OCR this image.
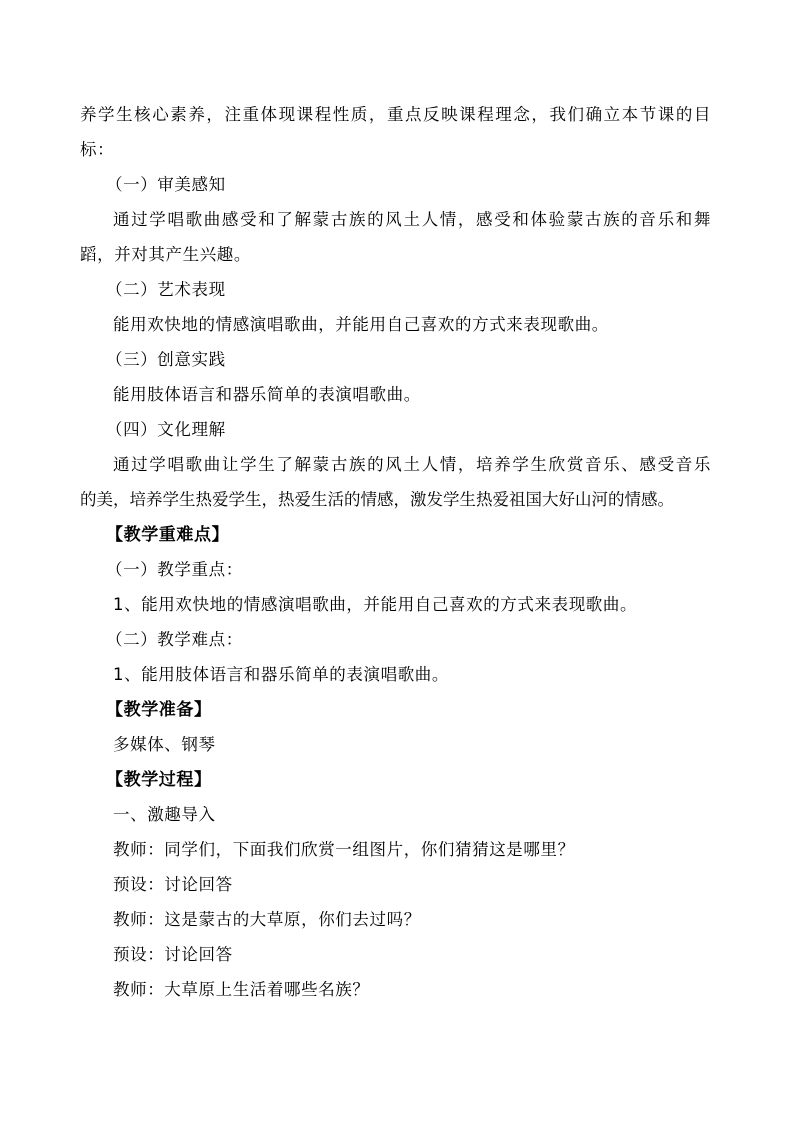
养学生核心素养，注重体现课程性质，重点反映课程理念，我们确立本节课的目
标：
（一）审美感知
通过学唱歌曲感受和了解蒙古族的风土人情，感受和体验蒙古族的音乐和舞
蹈，并对其产生兴趣。
（二）艺术表现
能用欢快地的情感演唱歌曲，并能用自己喜欢的方式来表现歌曲。
（三）创意实践
能用肢体语言和器乐简单的表演唱歌曲。
（四）文化理解
通过学唱歌曲让学生了解蒙古族的风土人情，培养学生欣赏音乐、感受音乐
的美，培养学生热爱学生，热爱生活的情感，激发学生热爱祖国大好山河的情感。
【教学重难点】
（一）教学重点：
1、能用欢快地的情感演唱歌曲，并能用自己喜欢的方式来表现歌曲。
（二）教学难点：
1、能用肢体语言和器乐简单的表演唱歌曲。
【教学准备】
多媒体、钢琴
【教学过程】
一、激趣导入
教师：同学们，下面我们欣赏一组图片，你们猜猜这是哪里？
预设：讨论回答
教师：这是蒙古的大草原，你们去过吗？
预设：讨论回答
教师：大草原上生活着哪些名族？
